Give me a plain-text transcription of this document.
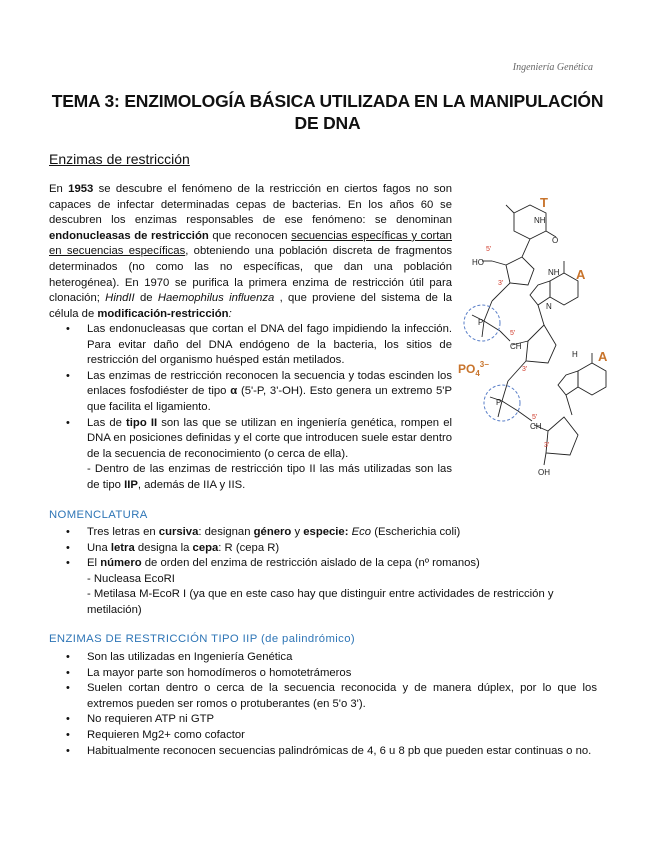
Ingeniería Genética
TEMA 3: ENZIMOLOGÍA BÁSICA UTILIZADA EN LA MANIPULACIÓN
DE DNA
Enzimas de restricción

En 1953 se descubre el fenómeno de la restricción en ciertos fagos no son capaces de infectar determinadas cepas de bacterias. En los años 60 se descubren los enzimas responsables de ese fenómeno: se denominan endonucleasas de restricción que reconocen secuencias específicas y cortan en secuencias específicas, obteniendo una población discreta de fragmentos determinados (no como las no específicas, que dan una población heterogénea). En 1970 se purifica la primera enzima de restricción útil para clonación; HindII de Haemophilus influenza , que proviene del sistema de la célula de modificación-restricción:

• Las endonucleasas que cortan el DNA del fago impidiendo la infección. Para evitar daño del DNA endógeno de la bacteria, los sitios de restricción del organismo huésped están metilados.
• Las enzimas de restricción reconocen la secuencia y todas escinden los enlaces fosfodiéster de tipo α (5'-P, 3'-OH). Esto genera un extremo 5'P que facilita el ligamiento.
• Las de tipo II son las que se utilizan en ingeniería genética, rompen el DNA en posiciones definidas y el corte que introducen suele estar dentro de la secuencia de reconocimiento (o cerca de ella).
- Dentro de las enzimas de restricción tipo II las más utilizadas son las de tipo IIP, además de IIA y IIS.
NOMENCLATURA
• Tres letras en cursiva: designan género y especie: Eco (Escherichia coli)
• Una letra designa la cepa: R (cepa R)
• El número de orden del enzima de restricción aislado de la cepa (nº romanos)
- Nucleasa EcoRI
- Metilasa M-EcoR I (ya que en este caso hay que distinguir entre actividades de restricción y metilación)
ENZIMAS DE RESTRICCIÓN TIPO IIP (de palindrómico)
• Son las utilizadas en Ingeniería Genética
• La mayor parte son homodímeros o homotetrámeros
• Suelen cortan dentro o cerca de la secuencia reconocida y de manera dúplex, por lo que los extremos pueden ser romos o protuberantes (en 5'o 3').
• No requieren ATP ni GTP
• Requieren Mg2+ como cofactor
• Habitualmente reconocen secuencias palindrómicas de 4, 6 u 8 pb que pueden estar continuas o no.
NH
O
HO
N
NH
P
P
CH
CH
H
OH
5'
3'
5'
3'
5'
3'
T
A
A
$PO_4^{3-}$
